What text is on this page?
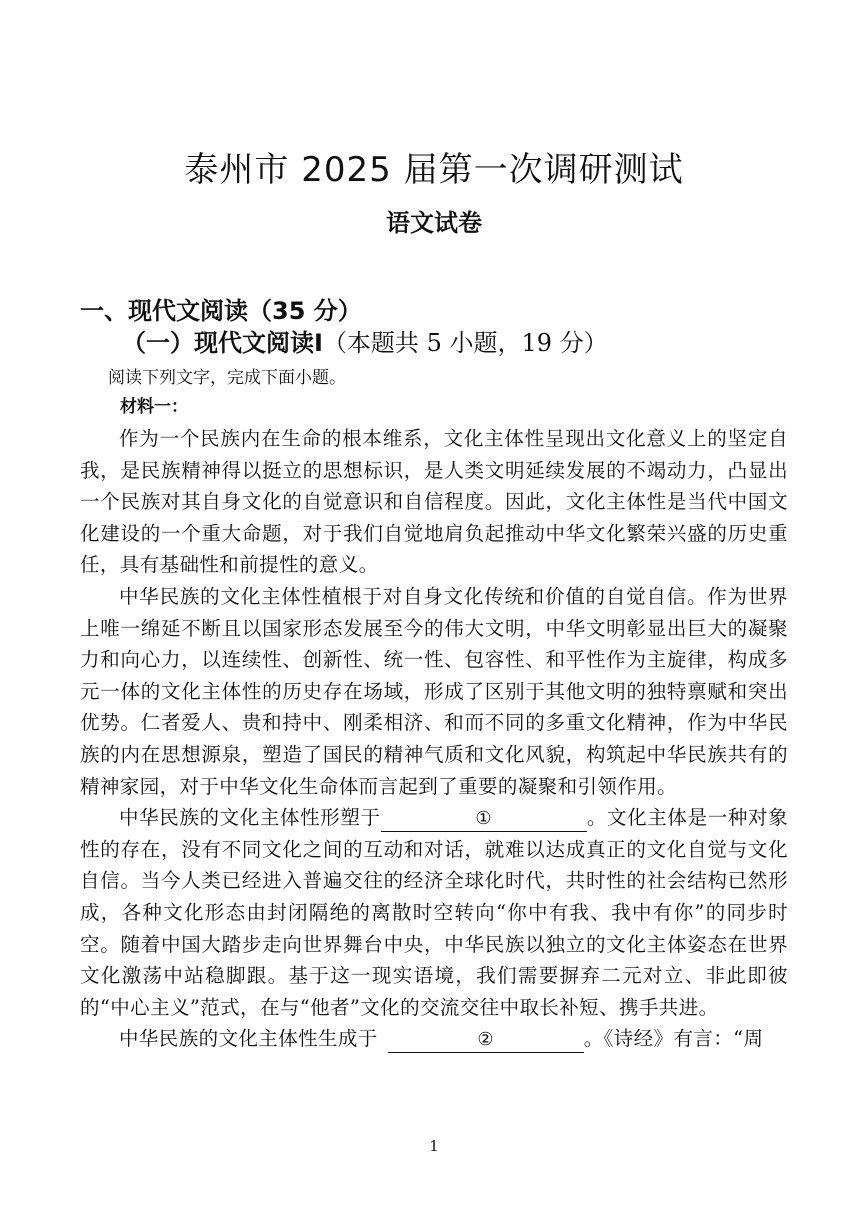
泰州市 2025 届第一次调研测试
语文试卷
一、现代文阅读（35 分）
（一）现代文阅读Ⅰ（本题共 5 小题，19 分）
阅读下列文字，完成下面小题。
材料一：

作为一个民族内在生命的根本维系，文化主体性呈现出文化意义上的坚定自我，是民族精神得以挺立的思想标识，是人类文明延续发展的不竭动力，凸显出一个民族对其自身文化的自觉意识和自信程度。因此，文化主体性是当代中国文化建设的一个重大命题，对于我们自觉地肩负起推动中华文化繁荣兴盛的历史重任，具有基础性和前提性的意义。

中华民族的文化主体性植根于对自身文化传统和价值的自觉自信。作为世界上唯一绵延不断且以国家形态发展至今的伟大文明，中华文明彰显出巨大的凝聚力和向心力，以连续性、创新性、统一性、包容性、和平性作为主旋律，构成多元一体的文化主体性的历史存在场域，形成了区别于其他文明的独特禀赋和突出优势。仁者爱人、贵和持中、刚柔相济、和而不同的多重文化精神，作为中华民族的内在思想源泉，塑造了国民的精神气质和文化风貌，构筑起中华民族共有的精神家园，对于中华文化生命体而言起到了重要的凝聚和引领作用。

中华民族的文化主体性形塑于	①	。文化主体是一种对象性的存在，没有不同文化之间的互动和对话，就难以达成真正的文化自觉与文化自信。当今人类已经进入普遍交往的经济全球化时代，共时性的社会结构已然形成，各种文化形态由封闭隔绝的离散时空转向“你中有我、我中有你”的同步时空。随着中国大踏步走向世界舞台中央，中华民族以独立的文化主体姿态在世界文化激荡中站稳脚跟。基于这一现实语境，我们需要摒弃二元对立、非此即彼的“中心主义”范式，在与“他者”文化的交流交往中取长补短、携手共进。

中华民族的文化主体性生成于	②	。《诗经》有言：“周

1
